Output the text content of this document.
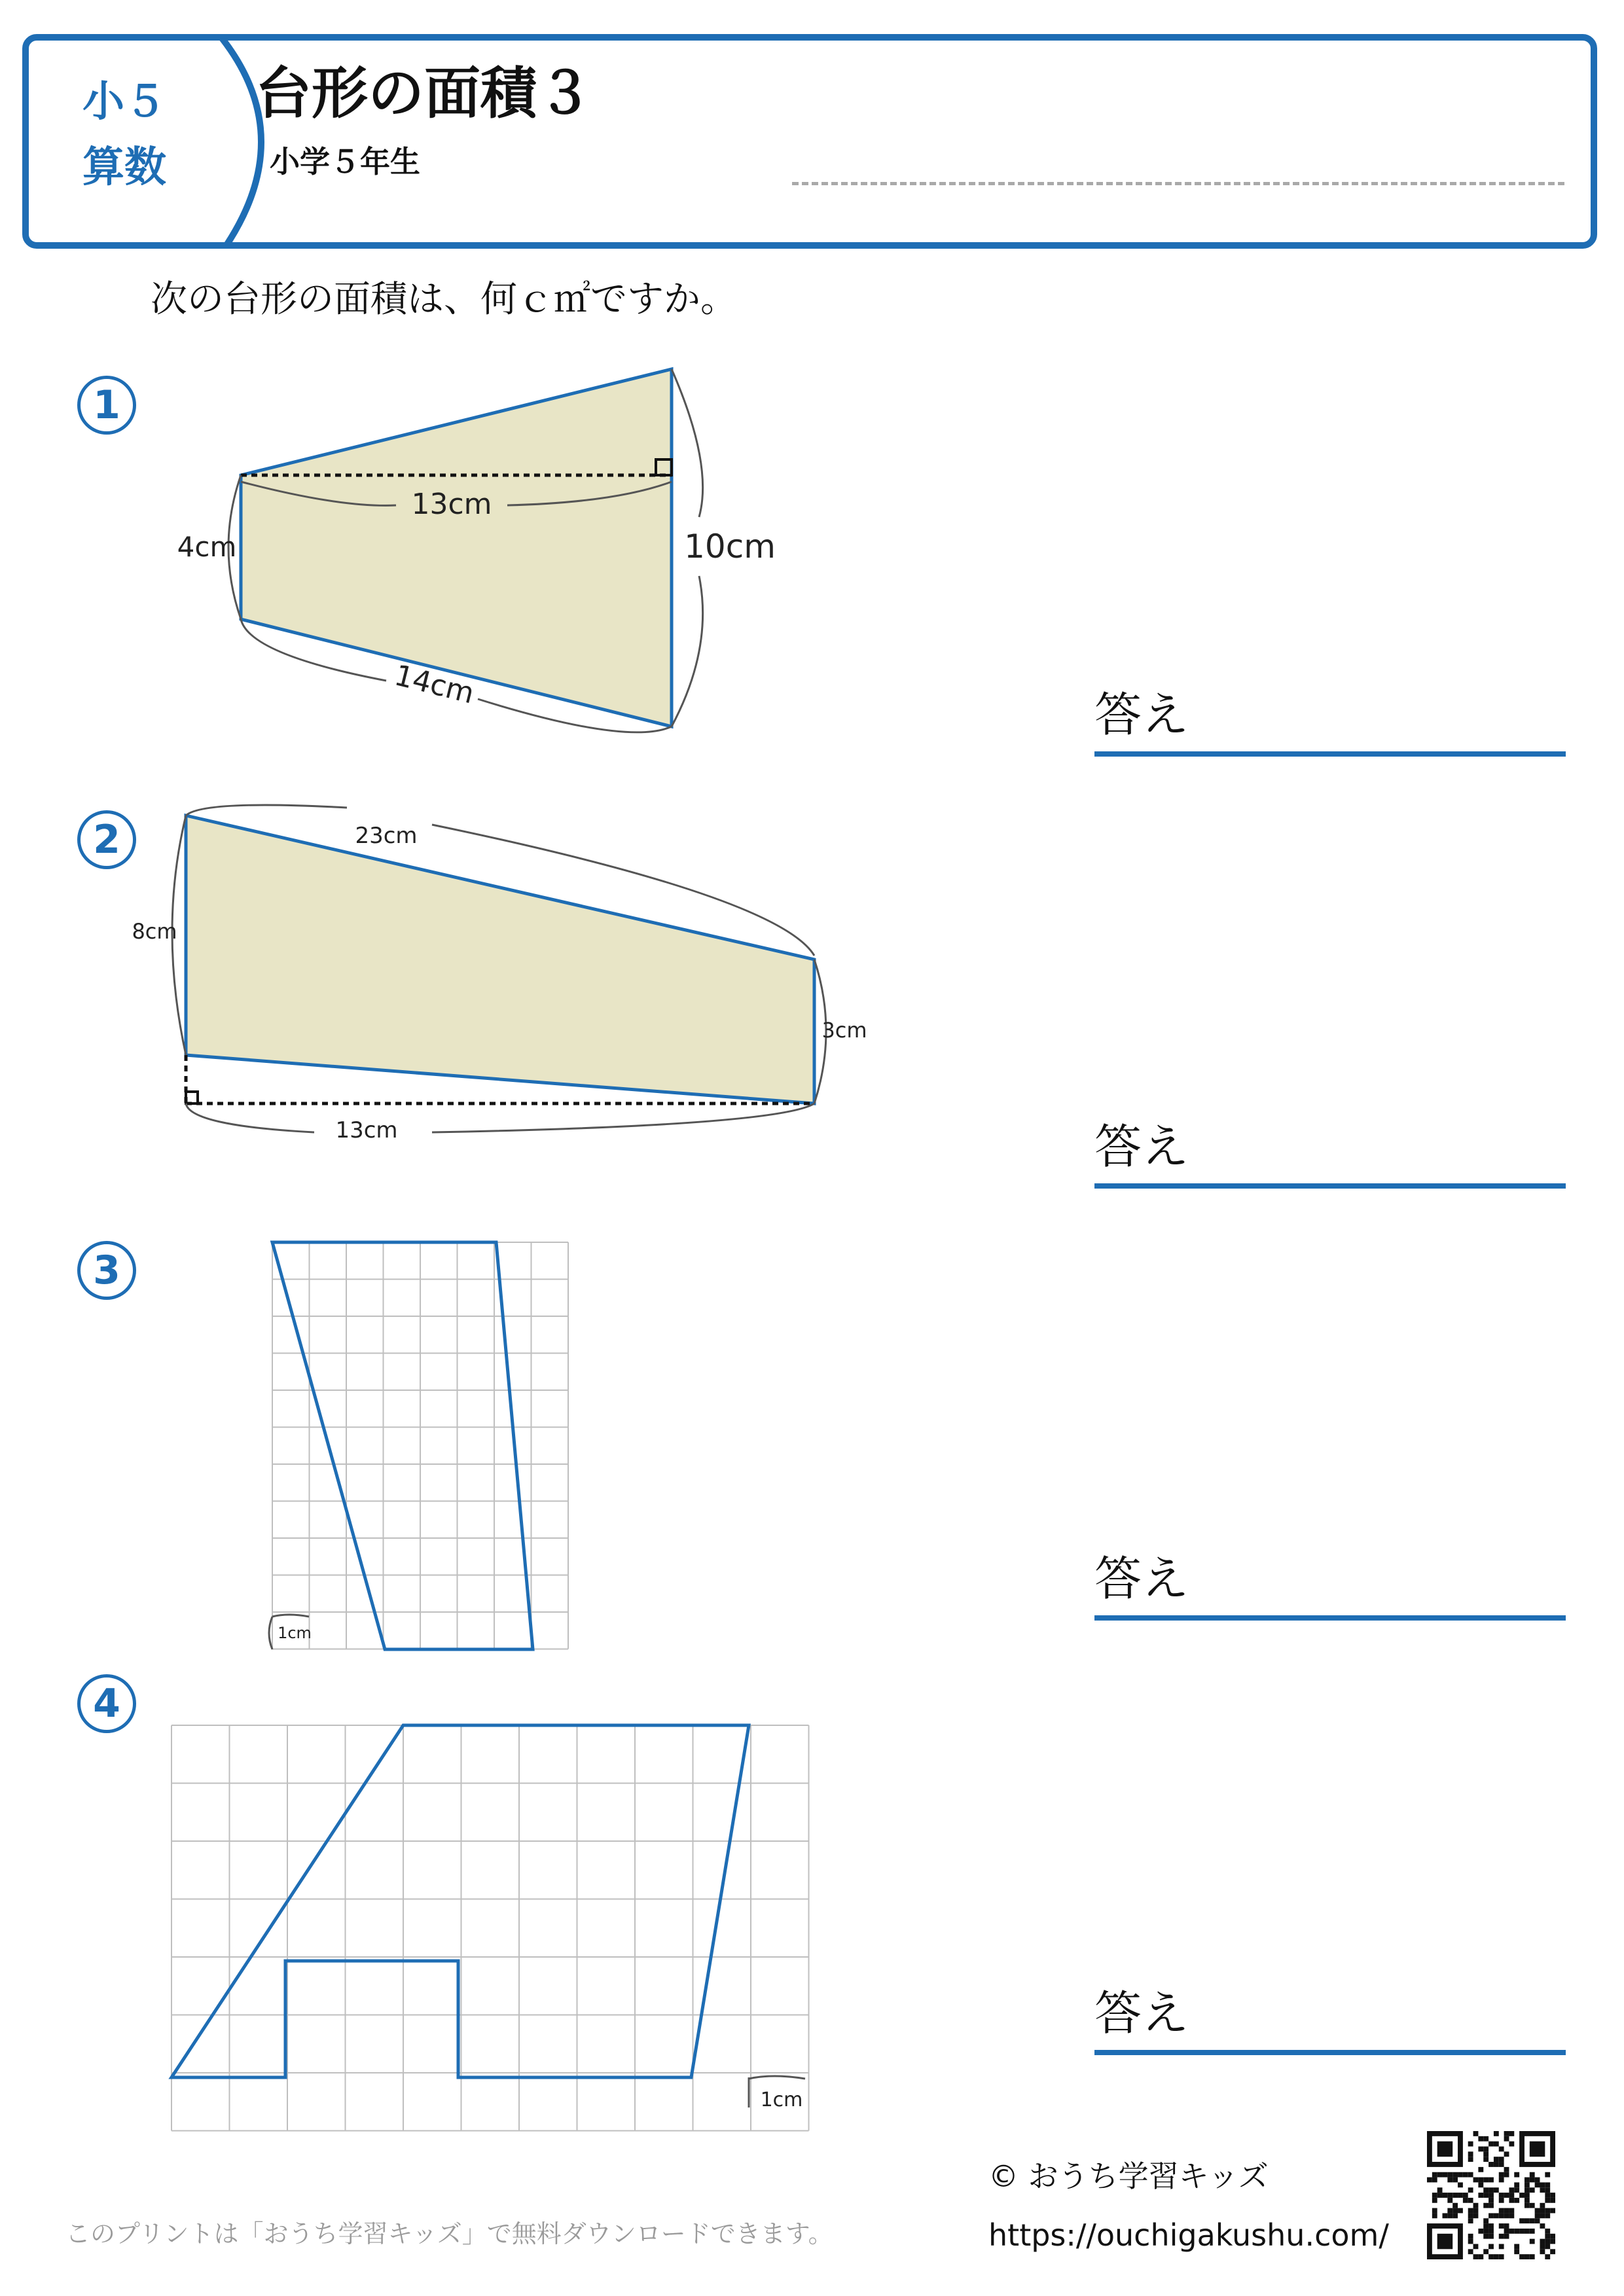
小５
算数
台形の面積３
小学５年生
次の台形の面積は、何ｃ㎡ですか。
1
13cm
4cm	10cm
14cm
答え
2	23cm
8cm
3cm
13cm	答え
3
1cm
答え
4
1cm
答え
このプリントは「おうち学習キッズ」で無料ダウンロードできます。
© おうち学習キッズ
https://ouchigakushu.com/
